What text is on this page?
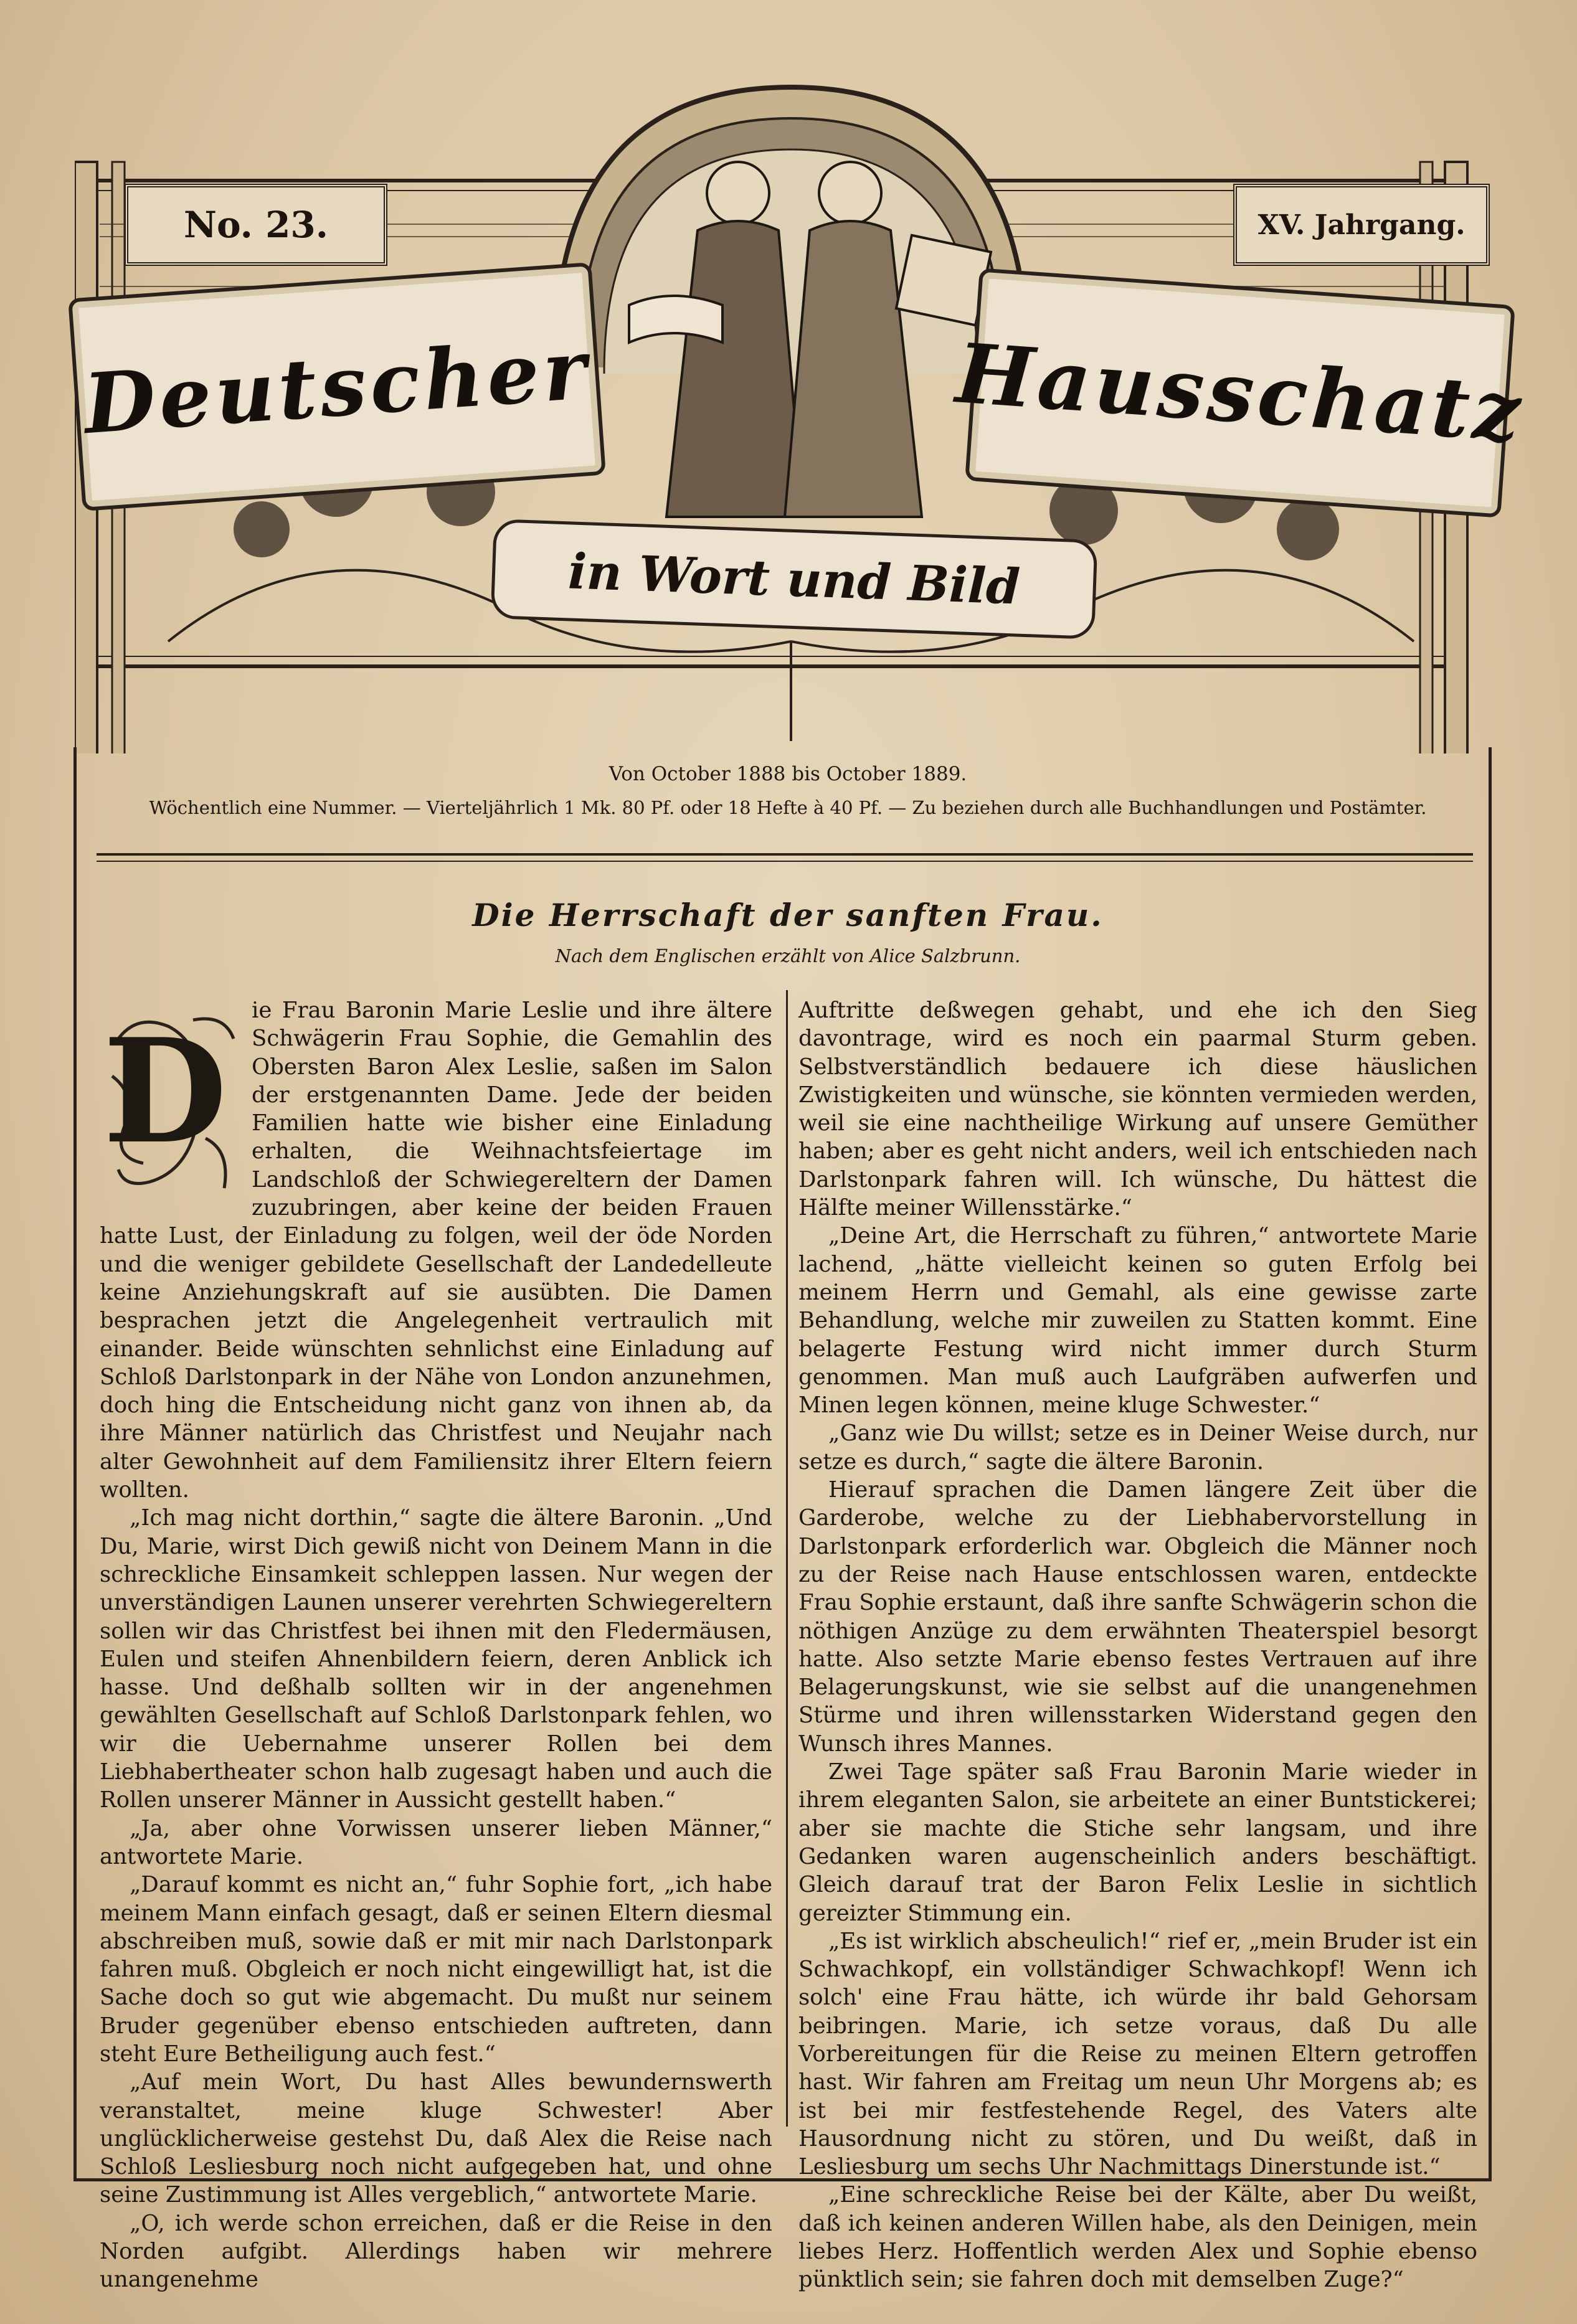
No. 23.	XV. Jahrgang.
Deutscher	Hausschatz
in Wort und Bild
Von October 1888 bis October 1889.
Wöchentlich eine Nummer. — Vierteljährlich 1 Mk. 80 Pf. oder 18 Hefte à 40 Pf. — Zu beziehen durch alle Buchhandlungen und Postämter.
Die Herrschaft der sanften Frau.
Nach dem Englischen erzählt von Alice Salzbrunn.
D	ie Frau Baronin Marie Leslie und ihre ältere Schwägerin Frau Sophie, die Gemahlin des Obersten Baron Alex Leslie, saßen im Salon der erstgenannten Dame. Jede der beiden Familien hatte wie bisher eine Einladung erhalten, die Weihnachtsfeiertage im Landschloß der Schwiegereltern der Damen zuzubringen, aber keine der beiden Frauen hatte Lust, der Einladung zu folgen, weil der öde Norden und die weniger gebildete Gesellschaft der Landedelleute keine Anziehungskraft auf sie ausübten. Die Damen besprachen jetzt die Angelegenheit vertraulich mit einander. Beide wünschten sehnlichst eine Einladung auf Schloß Darlstonpark in der Nähe von London anzunehmen, doch hing die Entscheidung nicht ganz von ihnen ab, da ihre Männer natürlich das Christfest und Neujahr nach alter Gewohnheit auf dem Familiensitz ihrer Eltern feiern wollten.

„Ich mag nicht dorthin,“ sagte die ältere Baronin. „Und Du, Marie, wirst Dich gewiß nicht von Deinem Mann in die schreckliche Einsamkeit schleppen lassen. Nur wegen der unverständigen Launen unserer verehrten Schwiegereltern sollen wir das Christfest bei ihnen mit den Fledermäusen, Eulen und steifen Ahnenbildern feiern, deren Anblick ich hasse. Und deßhalb sollten wir in der angenehmen gewählten Gesellschaft auf Schloß Darlstonpark fehlen, wo wir die Uebernahme unserer Rollen bei dem Liebhabertheater schon halb zugesagt haben und auch die Rollen unserer Männer in Aussicht gestellt haben.“

„Ja, aber ohne Vorwissen unserer lieben Männer,“ antwortete Marie.

„Darauf kommt es nicht an,“ fuhr Sophie fort, „ich habe meinem Mann einfach gesagt, daß er seinen Eltern diesmal abschreiben muß, sowie daß er mit mir nach Darlstonpark fahren muß. Obgleich er noch nicht eingewilligt hat, ist die Sache doch so gut wie abgemacht. Du mußt nur seinem Bruder gegenüber ebenso entschieden auftreten, dann steht Eure Betheiligung auch fest.“

„Auf mein Wort, Du hast Alles bewundernswerth veranstaltet, meine kluge Schwester! Aber unglücklicherweise gestehst Du, daß Alex die Reise nach Schloß Lesliesburg noch nicht aufgegeben hat, und ohne seine Zustimmung ist Alles vergeblich,“ antwortete Marie.

„O, ich werde schon erreichen, daß er die Reise in den Norden aufgibt. Allerdings haben wir mehrere unangenehme

Auftritte deßwegen gehabt, und ehe ich den Sieg davontrage, wird es noch ein paarmal Sturm geben. Selbstverständlich bedauere ich diese häuslichen Zwistigkeiten und wünsche, sie könnten vermieden werden, weil sie eine nachtheilige Wirkung auf unsere Gemüther haben; aber es geht nicht anders, weil ich entschieden nach Darlstonpark fahren will. Ich wünsche, Du hättest die Hälfte meiner Willensstärke.“

„Deine Art, die Herrschaft zu führen,“ antwortete Marie lachend, „hätte vielleicht keinen so guten Erfolg bei meinem Herrn und Gemahl, als eine gewisse zarte Behandlung, welche mir zuweilen zu Statten kommt. Eine belagerte Festung wird nicht immer durch Sturm genommen. Man muß auch Laufgräben aufwerfen und Minen legen können, meine kluge Schwester.“

„Ganz wie Du willst; setze es in Deiner Weise durch, nur setze es durch,“ sagte die ältere Baronin.

Hierauf sprachen die Damen längere Zeit über die Garderobe, welche zu der Liebhabervorstellung in Darlstonpark erforderlich war. Obgleich die Männer noch zu der Reise nach Hause entschlossen waren, entdeckte Frau Sophie erstaunt, daß ihre sanfte Schwägerin schon die nöthigen Anzüge zu dem erwähnten Theaterspiel besorgt hatte. Also setzte Marie ebenso festes Vertrauen auf ihre Belagerungskunst, wie sie selbst auf die unangenehmen Stürme und ihren willensstarken Widerstand gegen den Wunsch ihres Mannes.

Zwei Tage später saß Frau Baronin Marie wieder in ihrem eleganten Salon, sie arbeitete an einer Buntstickerei; aber sie machte die Stiche sehr langsam, und ihre Gedanken waren augenscheinlich anders beschäftigt. Gleich darauf trat der Baron Felix Leslie in sichtlich gereizter Stimmung ein.

„Es ist wirklich abscheulich!“ rief er, „mein Bruder ist ein Schwachkopf, ein vollständiger Schwachkopf! Wenn ich solch' eine Frau hätte, ich würde ihr bald Gehorsam beibringen. Marie, ich setze voraus, daß Du alle Vorbereitungen für die Reise zu meinen Eltern getroffen hast. Wir fahren am Freitag um neun Uhr Morgens ab; es ist bei mir festfestehende Regel, des Vaters alte Hausordnung nicht zu stören, und Du weißt, daß in Lesliesburg um sechs Uhr Nachmittags Dinerstunde ist.“

„Eine schreckliche Reise bei der Kälte, aber Du weißt, daß ich keinen anderen Willen habe, als den Deinigen, mein liebes Herz. Hoffentlich werden Alex und Sophie ebenso pünktlich sein; sie fahren doch mit demselben Zuge?“
